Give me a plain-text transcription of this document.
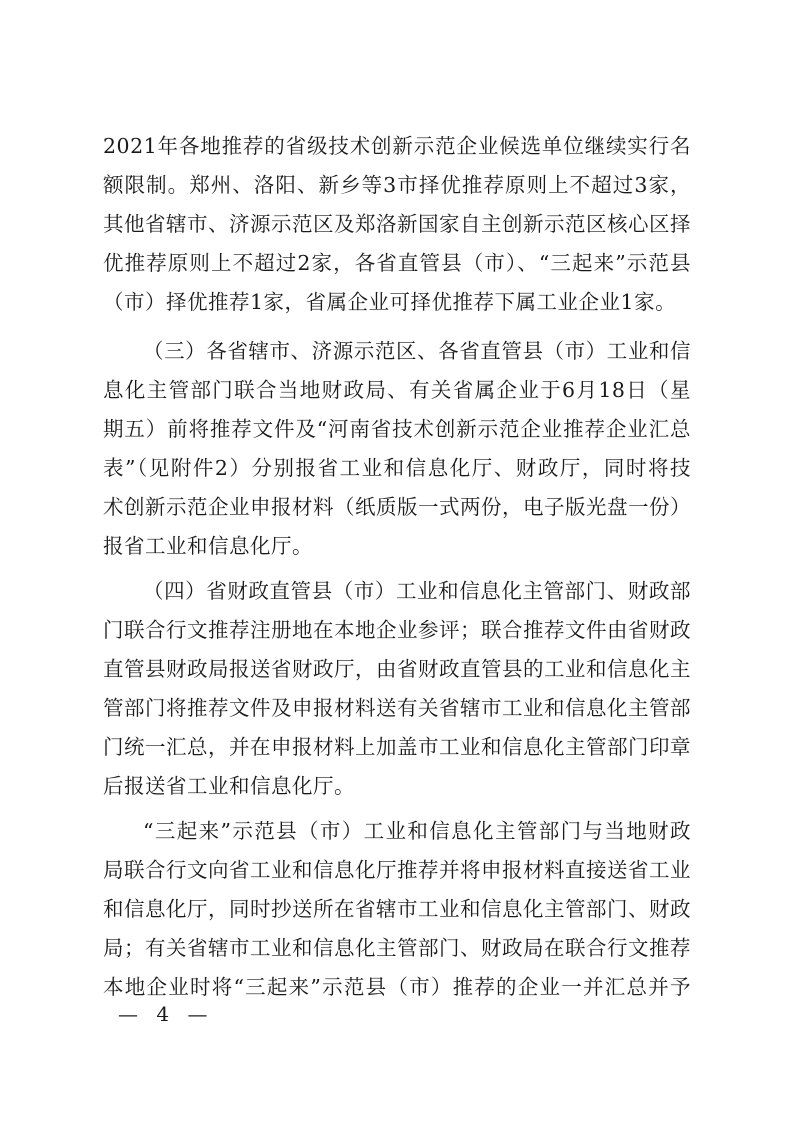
2021年各地推荐的省级技术创新示范企业候选单位继续实行名
额限制。郑州、洛阳、新乡等3市择优推荐原则上不超过3家，
其他省辖市、济源示范区及郑洛新国家自主创新示范区核心区择
优推荐原则上不超过2家，各省直管县（市）、“三起来”示范县
（市）择优推荐1家，省属企业可择优推荐下属工业企业1家。
（三）各省辖市、济源示范区、各省直管县（市）工业和信
息化主管部门联合当地财政局、有关省属企业于6月18日（星
期五）前将推荐文件及“河南省技术创新示范企业推荐企业汇总
表”（见附件2）分别报省工业和信息化厅、财政厅，同时将技
术创新示范企业申报材料（纸质版一式两份，电子版光盘一份）
报省工业和信息化厅。
（四）省财政直管县（市）工业和信息化主管部门、财政部
门联合行文推荐注册地在本地企业参评；联合推荐文件由省财政
直管县财政局报送省财政厅，由省财政直管县的工业和信息化主
管部门将推荐文件及申报材料送有关省辖市工业和信息化主管部
门统一汇总，并在申报材料上加盖市工业和信息化主管部门印章
后报送省工业和信息化厅。
“三起来”示范县（市）工业和信息化主管部门与当地财政
局联合行文向省工业和信息化厅推荐并将申报材料直接送省工业
和信息化厅，同时抄送所在省辖市工业和信息化主管部门、财政
局；有关省辖市工业和信息化主管部门、财政局在联合行文推荐
本地企业时将“三起来”示范县（市）推荐的企业一并汇总并予
— 4 —
